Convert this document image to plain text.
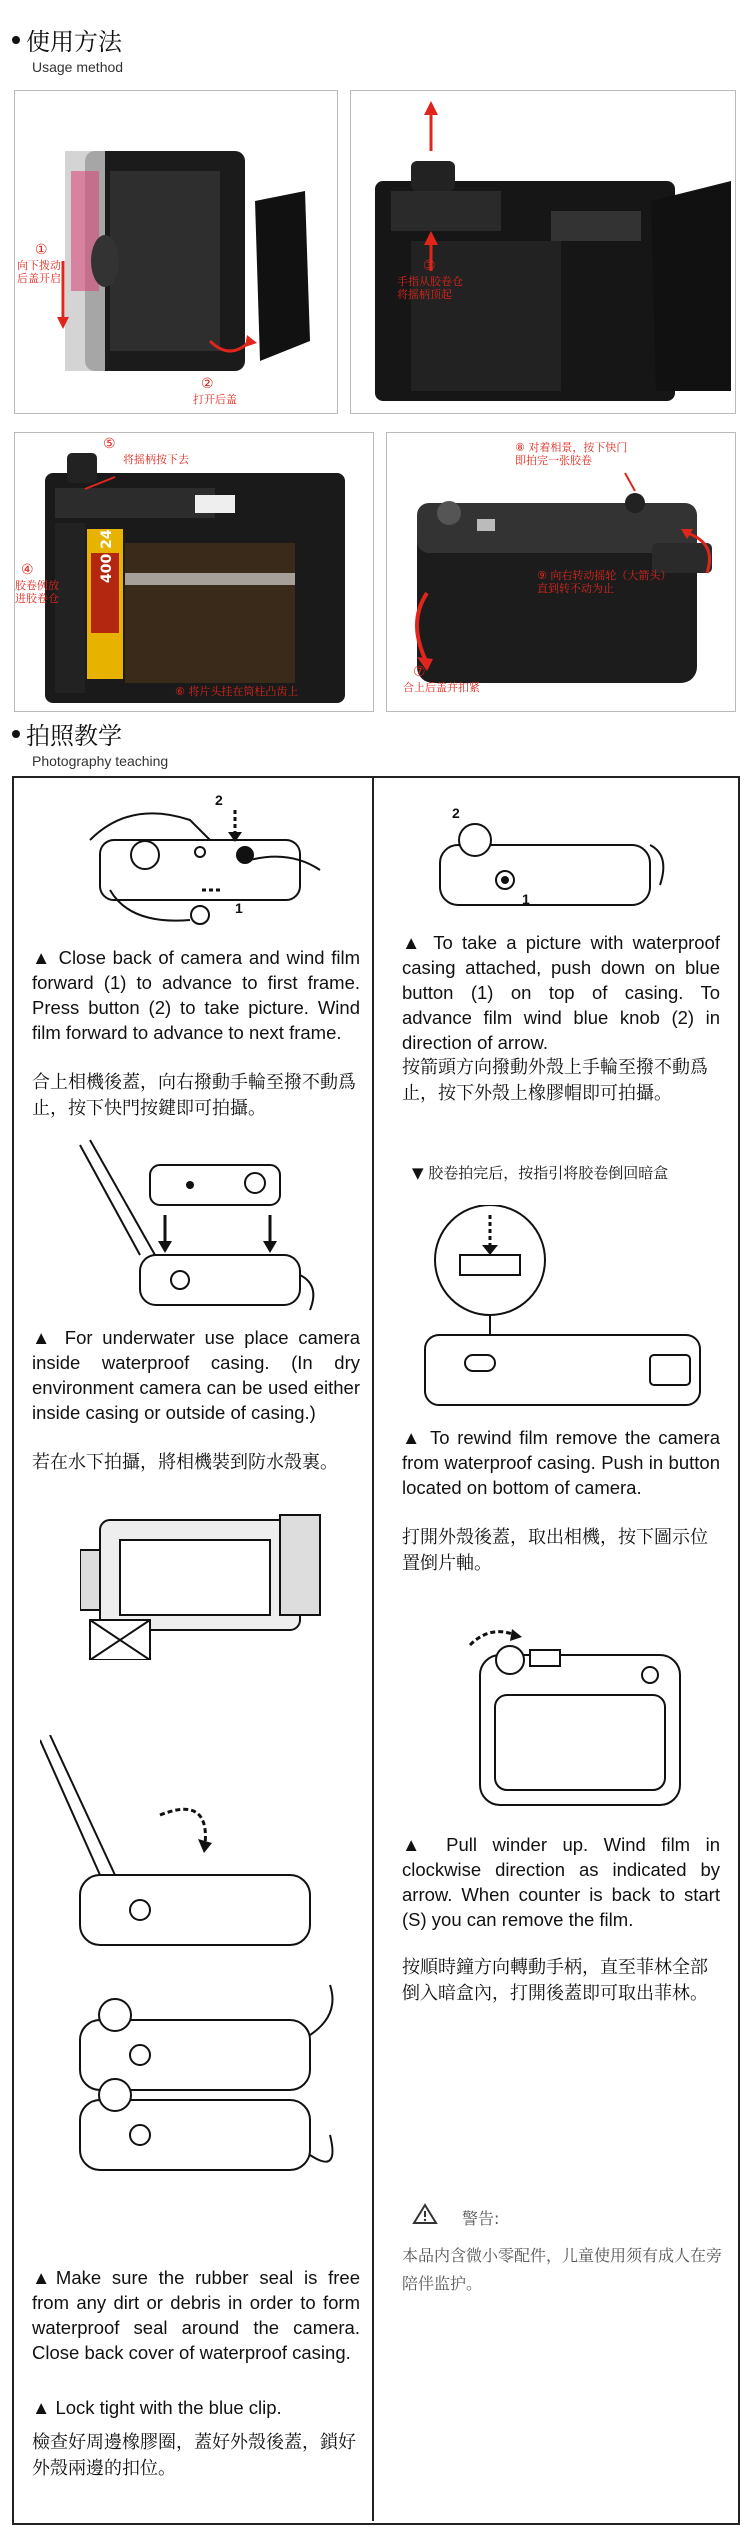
使用方法
Usage method
①
向下拨动
后盖开启
②
打开后盖
③
手指从胶卷仓
将摇柄顶起
400 24
⑤
将摇柄按下去
④
胶卷例放
进胶卷仓
⑥ 将片头挂在筒柱凸齿上
⑧ 对着相景，按下快门
即拍完一张胶卷
⑨ 向右转动摇轮（大箭头）
直到转不动为止
⑦
合上后盖并扣紧
拍照教学
Photography teaching
2
1
▲ Close back of camera and wind film forward (1) to advance to first frame. Press button (2) to take picture. Wind film forward to advance to next frame.
合上相機後蓋，向右撥動手輪至撥不動爲止，按下快門按鍵即可拍攝。
▲ For underwater use place camera inside waterproof casing. (In dry environment camera can be used either inside casing or outside of casing.)
若在水下拍攝，將相機裝到防水殼裏。
▲Make sure the rubber seal is free from any dirt or debris in order to form waterproof seal around the camera. Close back cover of waterproof casing.
▲ Lock tight with the blue clip.
檢查好周邊橡膠圈，蓋好外殼後蓋，鎖好外殼兩邊的扣位。
2
1
▲ To take a picture with waterproof casing attached, push down on blue button (1) on top of casing. To advance film wind blue knob (2) in direction of arrow.
按箭頭方向撥動外殼上手輪至撥不動爲止，按下外殼上橡膠帽即可拍攝。
▼ 胶卷拍完后，按指引将胶卷倒回暗盒
▲ To rewind film remove the camera from waterproof casing. Push in button located on bottom of camera.
打開外殼後蓋，取出相機，按下圖示位置倒片軸。
▲ Pull winder up. Wind film in clockwise direction as indicated by arrow. When counter is back to start (S) you can remove the film.
按順時鐘方向轉動手柄，直至菲林全部倒入暗盒內，打開後蓋即可取出菲林。
警告:
本品内含微小零配件，儿童使用须有成人在旁陪伴监护。
